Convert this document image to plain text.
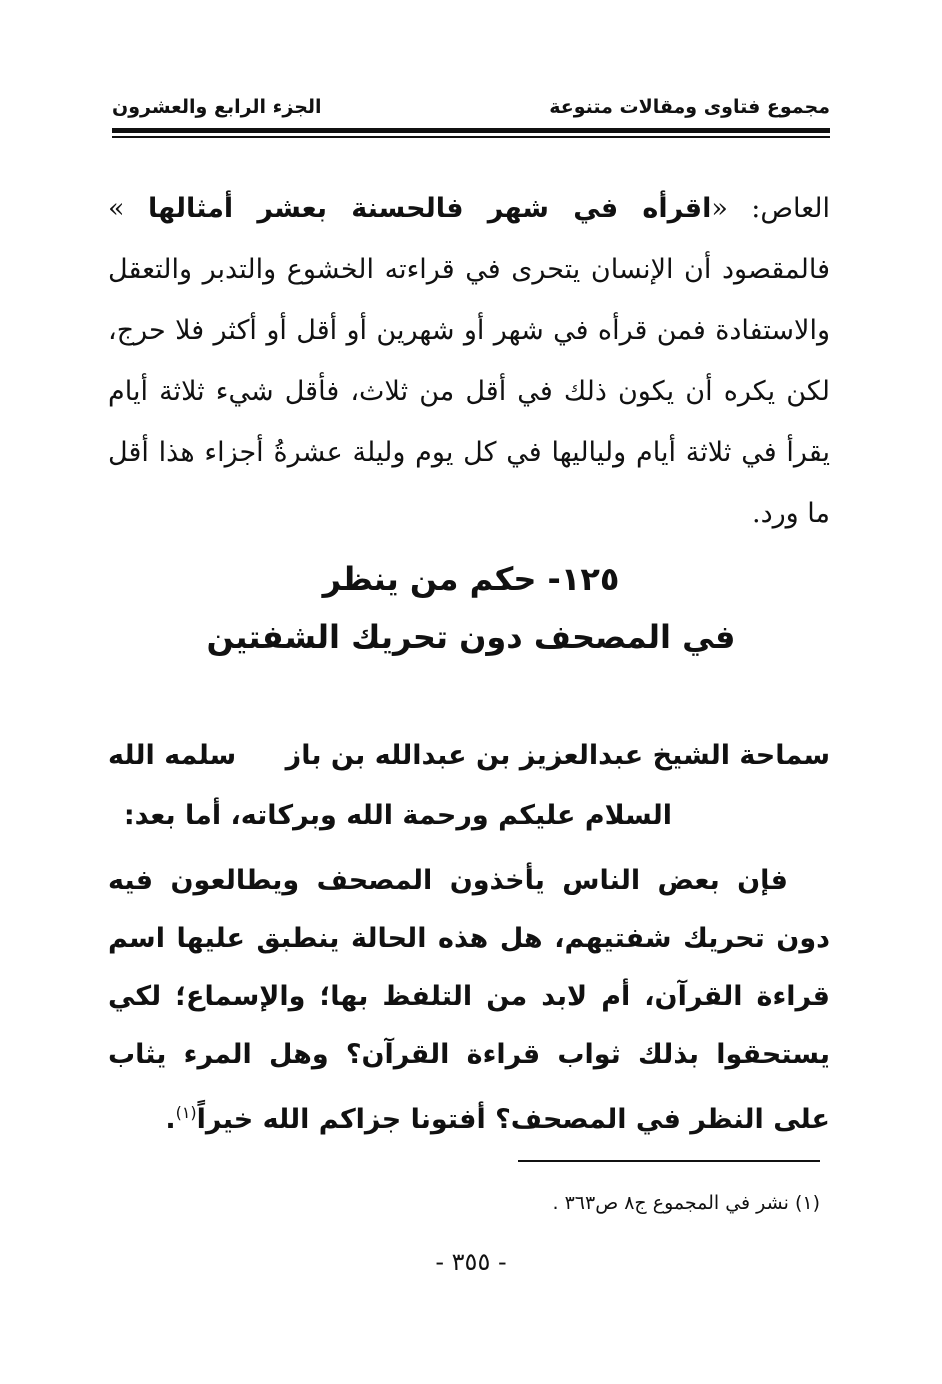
مجموع فتاوى ومقالات متنوعة
الجزء الرابع والعشرون

العاص: «اقرأه في شهر فالحسنة بعشر أمثالها » فالمقصود أن الإنسان يتحرى في قراءته الخشوع والتدبر والتعقل والاستفادة فمن قرأه في شهر أو شهرين أو أقل أو أكثر فلا حرج، لكن يكره أن يكون ذلك في أقل من ثلاث، فأقل شيء ثلاثة أيام يقرأ في ثلاثة أيام ولياليها في كل يوم وليلة عشرةُ أجزاء هذا أقل ما ورد.

١٢٥- حكم من ينظر
في المصحف دون تحريك الشفتين
سماحة الشيخ عبدالعزيز بن عبدالله بن باز
سلمه الله
السلام عليكم ورحمة الله وبركاته، أما بعد:

فإن بعض الناس يأخذون المصحف ويطالعون فيه دون تحريك شفتيهم، هل هذه الحالة ينطبق عليها اسم قراءة القرآن، أم لابد من التلفظ بها؛ والإسماع؛ لكي يستحقوا بذلك ثواب قراءة القرآن؟ وهل المرء يثاب على النظر في المصحف؟ أفتونا جزاكم الله خيراً$^{(١)}$.

(١) نشر في المجموع ج٨ ص٣٦٣ .
- ٣٥٥ -
